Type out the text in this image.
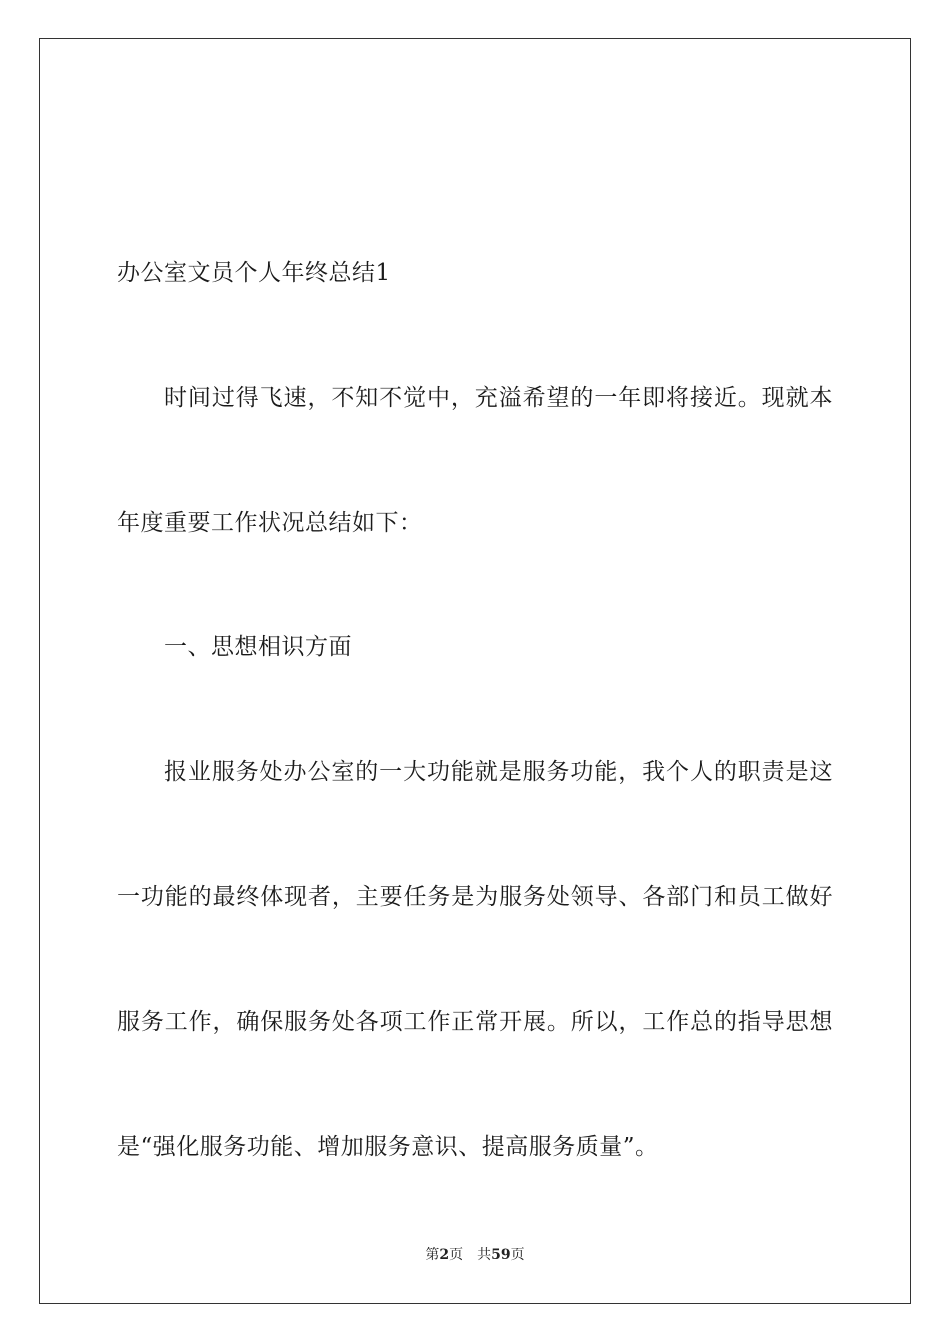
办公室文员个人年终总结1
时间过得飞速，不知不觉中，充溢希望的一年即将接近。现就本
年度重要工作状况总结如下：
一、思想相识方面
报业服务处办公室的一大功能就是服务功能，我个人的职责是这
一功能的最终体现者，主要任务是为服务处领导、各部门和员工做好
服务工作，确保服务处各项工作正常开展。所以，工作总的指导思想
是“强化服务功能、增加服务意识、提高服务质量”。
第2页 共59页
